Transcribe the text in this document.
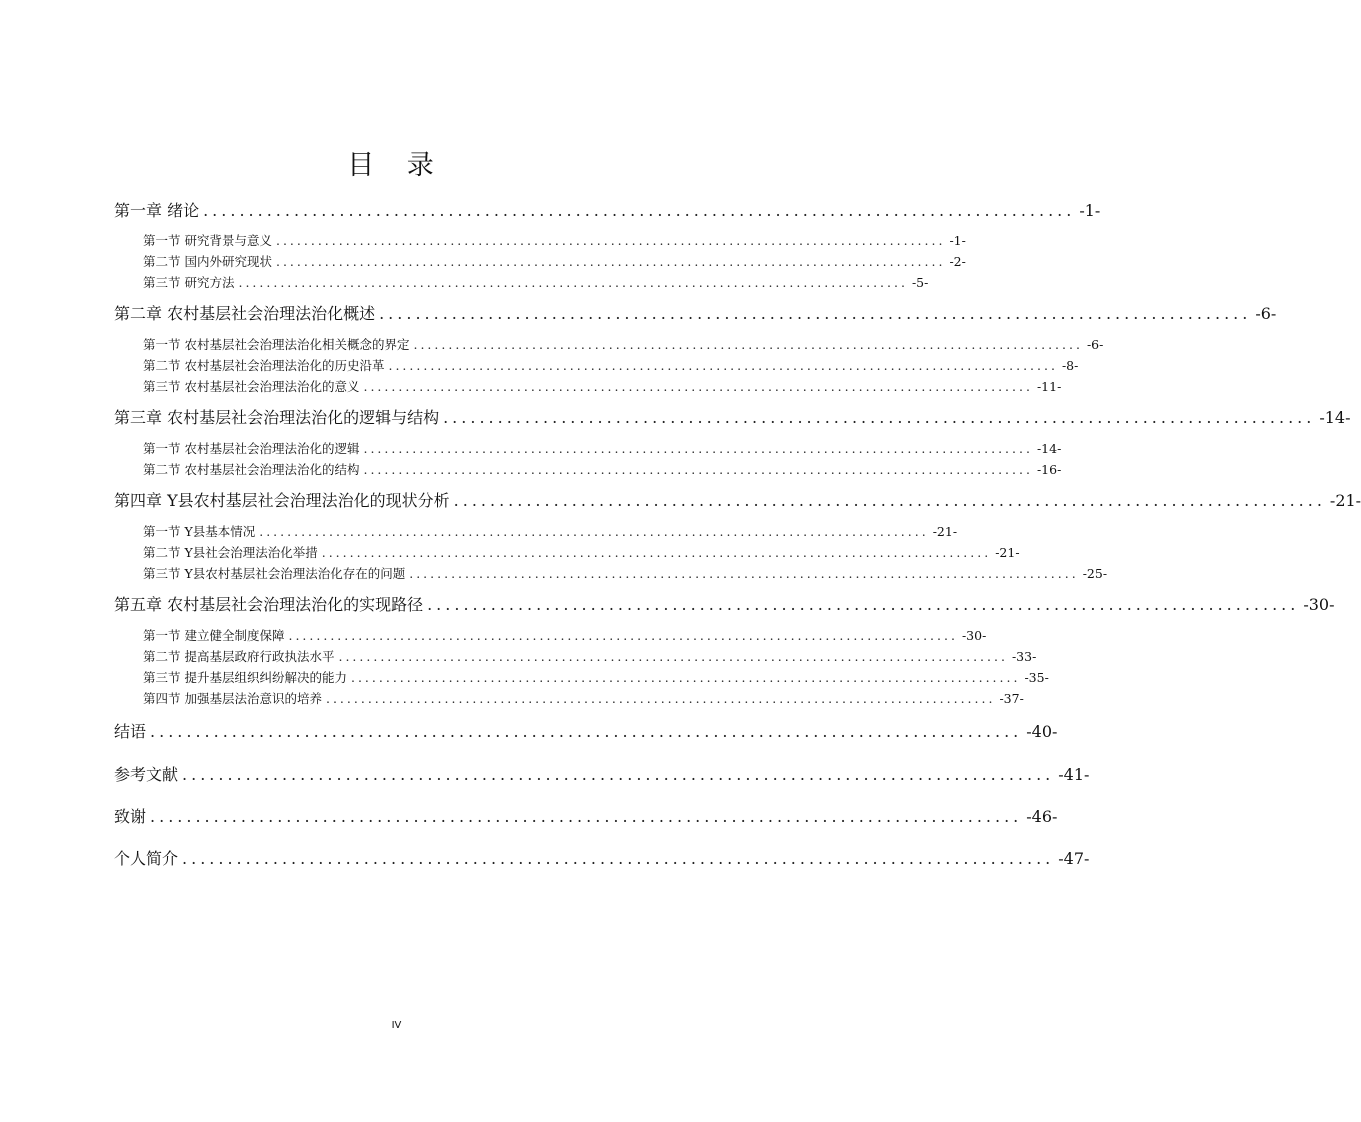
目 录
第一章 绪论 ................................................................................................ -1-
第一节 研究背景与意义 ................................................................................................ -1-
第二节 国内外研究现状 ................................................................................................ -2-
第三节 研究方法 ................................................................................................ -5-
第二章 农村基层社会治理法治化概述 ................................................................................................ -6-
第一节 农村基层社会治理法治化相关概念的界定 ................................................................................................ -6-
第二节 农村基层社会治理法治化的历史沿革 ................................................................................................ -8-
第三节 农村基层社会治理法治化的意义 ................................................................................................ -11-
第三章 农村基层社会治理法治化的逻辑与结构 ................................................................................................ -14-
第一节 农村基层社会治理法治化的逻辑 ................................................................................................ -14-
第二节 农村基层社会治理法治化的结构 ................................................................................................ -16-
第四章 Y县农村基层社会治理法治化的现状分析 ................................................................................................ -21-
第一节 Y县基本情况 ................................................................................................ -21-
第二节 Y县社会治理法治化举措 ................................................................................................ -21-
第三节 Y县农村基层社会治理法治化存在的问题 ................................................................................................ -25-
第五章 农村基层社会治理法治化的实现路径 ................................................................................................ -30-
第一节 建立健全制度保障 ................................................................................................ -30-
第二节 提高基层政府行政执法水平 ................................................................................................ -33-
第三节 提升基层组织纠纷解决的能力 ................................................................................................ -35-
第四节 加强基层法治意识的培养 ................................................................................................ -37-
结语 ................................................................................................ -40-
参考文献 ................................................................................................ -41-
致谢 ................................................................................................ -46-
个人简介 ................................................................................................ -47-
IV
